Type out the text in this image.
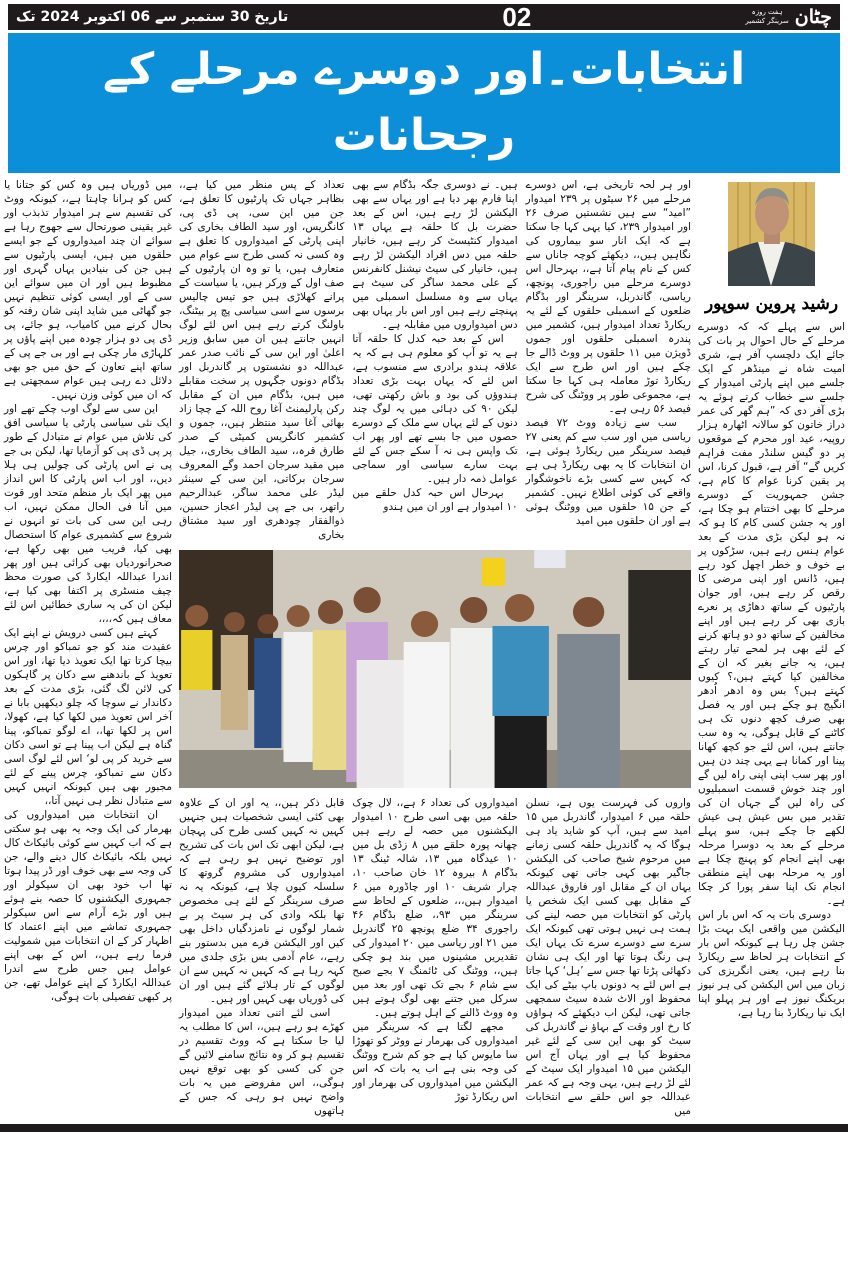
تاریخ 30 ستمبر سے 06 اکتوبر 2024 تک	02	چٹان
ہفت روزہ
سرینگر کشمیر
انتخابات۔اور دوسرے مرحلے کے رجحانات
رشید پروین سوپور

اس سے پہلے کہ کہ دوسرے مرحلے کے حال احوال پر بات کی جائے ایک دلچسپ آفر ہے، شری امیت شاہ نے مینڈھر کے ایک جلسے میں اپنے پارٹی امیدوار کے جلسے سے خطاب کرتے ہوئے یہ بڑی آفر دی کہ ”ہم گھر کی عمر دراز خاتون کو سالانہ اٹھارہ ہزار روپیہ، عید اور محرم کے موقعوں پر دو گیس سلنڈر مفت فراہم کریں گے“ آفر ہے، قبول کرنا، اس پر یقین کرنا عوام کا کام ہے، جشن جمہوریت کے دوسرے مرحلے کا بھی اختتام ہو چکا ہے، اور یہ جشن کسی کام کا ہو کہ نہ ہو لیکن بڑی مدت کے بعد عوام ہنس رہے ہیں، سڑکوں پر بے خوف و خطر اچھل کود رہے ہیں، ڈانس اور اپنی مرضی کا رقص کر رہے ہیں، اور جوان پارٹیوں کے ساتھ دھاڑی پر نعرے بازی بھی کر رہے ہیں اور اپنے مخالفین کے ساتھ دو دو ہاتھ کرنے کے لئے بھی ہر لمحے تیار رہتے ہیں، یہ جانے بغیر کہ ان کے مخالفین کیا کہتے ہیں،؟ کیوں کہتے ہیں؟ بس وہ ادھر اُدھر انگیج ہو چکے ہیں اور یہ فصل بھی صرف کچھ دنوں تک ہی کاٹنے کے قابل ہوگی، یہ وہ سب جانتے ہیں، اس لئے جو کچھ کھانا پینا اور کمانا ہے یہی چند دن ہیں اور پھر سب اپنی اپنی راہ لیں گے اور چند خوش قسمت اسمبلیوں کی راہ لیں گے جہاں ان کی تقدیر میں بس عیش ہی عیش لکھے جا چکے ہیں، سو پہلے مرحلے کے بعد یہ دوسرا مرحلہ بھی اپنے انجام کو پہنچ چکا ہے اور یہ مرحلہ بھی اپنے منطقی انجام تک اپنا سفر پورا کر چکا ہے۔

دوسری بات یہ کہ اس بار اس الیکشن میں واقعی ایک بہت بڑا جشن چل رہا ہے کیونکہ اس بار کے انتخابات ہر لحاظ سے ریکارڈ بنا رہے ہیں، یعنی انگریزی کی زبان میں اس الیکشن کی ہر نیوز بریکنگ نیوز ہے اور ہر پہلو اپنا ایک نیا ریکارڈ بنا رہا ہے،

اور ہر لحہ تاریخی ہے، اس دوسرے مرحلے میں ۲۶ سیٹوں پر ۲۳۹ امیدوار ”امید“ سے ہیں نشستیں صرف ۲۶ اور امیدوار ۲۳۹، کیا یہی کہا جا سکتا ہے کہ ایک انار سو بیماروں کی نگاہیں ہیں،، دیکھئے کوچہ جاناں سے کس کے نام پیام آتا ہے،، بہرحال اس دوسرے مرحلے میں راجوری، پونچھ، ریاسی، گاندربل، سرینگر اور بڈگام ضلعوں کے اسمبلی حلقوں کے لئے یہ ریکارڈ تعداد امیدوار ہیں، کشمیر میں پندرہ اسمبلی حلقوں اور جموں ڈویژن میں ۱۱ حلقوں پر ووٹ ڈالے جا چکے ہیں اور اس طرح سے ایک ریکارڈ توڑ معاملہ ہی کہا جا سکتا ہے، مجموعی طور پر ووٹنگ کی شرح فیصد ۵۶ رہی ہے۔

سب سے زیادہ ووٹ ۷۲ فیصد ریاسی میں اور سب سے کم یعنی ۲۷ فیصد سرینگر میں ریکارڈ ہوئی ہے، ان انتخابات کا یہ بھی ریکارڈ ہی ہے کہ کہیں سے کسی بڑے ناخوشگوار واقعے کی کوئی اطلاع نہیں۔ کشمیر کے جن ۱۵ حلقوں میں ووٹنگ ہوئی ہے اور ان حلقوں میں امید

ہیں۔ نے دوسری جگہ بڈگام سے بھی اپنا فارم بھر دیا ہے اور یہاں سے بھی الیکشن لڑ رہے ہیں، اس کے بعد حضرت بل کا حلقہ ہے یہاں ۱۳ امیدوار کنٹیسٹ کر رہے ہیں، خانیار حلقہ میں دس افراد الیکشن لڑ رہے ہیں، خانیار کی سیٹ نیشنل کانفرنس کے علی محمد ساگر کی سیٹ ہے یہاں سے وہ مسلسل اسمبلی میں پہنچتے رہے ہیں اور اس بار یہاں بھی دس امیدواروں میں مقابلہ ہے۔

اس کے بعد حبہ کدل کا حلقہ آتا ہے یہ تو آپ کو معلوم ہی ہے کہ یہ علاقہ ہندو برادری سے منسوب ہے، اس لئے کہ یہاں بہت بڑی تعداد ہندوؤں کی بود و باش رکھتی تھی، لیکن ۹۰ کی دہائی میں یہ لوگ چند دنوں کے لئے یہاں سے ملک کے دوسرے حصوں میں جا بسے تھے اور پھر اب تک واپس ہی نہ آ سکے جس کے لئے بہت سارے سیاسی اور سماجی عوامل ذمہ دار ہیں۔

بہرحال اس حبہ کدل حلقے میں ۱۰ امیدوار ہے اور ان میں ہندو

تعداد کے پس منظر میں کیا ہے،، بظاہر جہاں تک پارٹیوں کا تعلق ہے، جن میں این سی، پی ڈی پی، کانگریس، اور سید الطاف بخاری کی اپنی پارٹی کے امیدواروں کا تعلق ہے وہ کسی نہ کسی طرح سے عوام میں متعارف ہیں، یا تو وہ ان پارٹیوں کے صف اول کے ورکر ہیں، یا سیاست کے پرانے کھلاڑی ہیں جو تیس چالیس برسوں سے اسی سیاسی پچ پر بیٹنگ، باولنگ کرتے رہے ہیں اس لئے لوگ انہیں جانتے ہیں ان میں سابق وزیر اعلیٰ اور این سی کے نائب صدر عمر عبداللہ دو نشستوں پر گاندربل اور بڈگام دونوں جگہوں پر سخت مقابلے میں ہیں، بڈگام میں ان کے مقابل رکن پارلیمنٹ آغا روح اللہ کے چچا زاد بھائی آغا سید منتظر ہیں،، جموں و کشمیر کانگریس کمیٹی کے صدر طارق قرہ،، سید الطاف بخاری،، جیل میں مقید سرجان احمد وگے المعروف سرجان برکاتی، این سی کے سینئر لیڈر علی محمد ساگر، عبدالرحیم راتھر، بی جے پی لیڈر اعجاز حسین، ذوالفقار چودھری اور سید مشتاق بخاری

واروں کی فہرست یوں ہے، نسلن حلقہ میں ۶ امیدوار، گاندربل میں ۱۵ امید سے ہیں، آپ کو شاید یاد ہی ہوگا کہ یہ گاندربل حلقہ کسی زمانے میں مرحوم شیخ صاحب کی الیکشن جاگیر بھی کہی جاتی تھی کیونکہ یہاں ان کے مقابل اور فاروق عبداللہ کے مقابل بھی کسی ایک شخص یا پارٹی کو انتخابات میں حصہ لینے کی ہمت ہی نہیں ہوتی تھی کیونکہ ایک سرے سے دوسرے سرے تک یہاں ایک ہی رنگ ہوتا تھا اور ایک ہی نشان دکھائی پڑتا تھا جس سے ’ہل‘ کہا جاتا ہے اس لئے یہ دونوں باپ بیٹے کی ایک محفوظ اور الاٹ شدہ سیٹ سمجھی جاتی تھی، لیکن اب دیکھئے کہ ہواؤں کا رخ اور وقت کے بہاؤ نے گاندربل کی سیٹ کو بھی این سی کے لئے غیر محفوظ کیا ہے اور یہاں آج اس الیکشن میں ۱۵ امیدوار ایک سیٹ کے لئے لڑ رہے ہیں، یہی وجہ ہے کہ عمر عبداللہ جو اس حلقے سے انتخابات میں

امیدواروں کی تعداد ۶ ہے،، لال چوک حلقہ میں بھی اسی طرح ۱۰ امیدوار الیکشنوں میں حصہ لے رہے ہیں چھانہ پورہ حلقے میں ۸ زڈی بل میں ۱۰ عیدگاہ میں ۱۳، شالہ ٹینگ ۱۳ بڈگام ۸ بیروہ ۱۲ خان صاحب ۱۰، چرار شریف ۱۰ اور چاڈورہ میں ۶ امیدوار ہیں،،، ضلعوں کے لحاظ سے سرینگر میں ۹۳،، ضلع بڈگام ۴۶ راجوری ۳۴ ضلع پونچھ ۲۵ گاندربل میں ۲۱ اور ریاسی میں ۲۰ امیدوار کی تقدیریں مشینوں میں بند ہو چکی ہیں،، ووٹنگ کی ٹائمنگ ۷ بجے صبح سے شام ۶ بجے تک تھی اور بعد میں سرکل میں جتنے بھی لوگ ہوتے ہیں وہ ووٹ ڈالنے کے اہل ہوتے ہیں۔

مجھے لگتا ہے کہ سرینگر میں امیدواروں کی بھرمار نے ووٹر کو تھوڑا سا مایوس کیا ہے جو کم شرح ووٹنگ کی وجہ بنی ہے اب یہ بات کہ اس الیکشن میں امیدواروں کی بھرمار اور اس ریکارڈ توڑ

قابل ذکر ہیں،، یہ اور ان کے علاوہ بھی کئی ایسی شخصیات ہیں جنہیں کہیں نہ کہیں کسی طرح کی پہچان ہے، لیکن ابھی تک اس بات کی تشریح اور توضیح نہیں ہو رہی ہے کہ امیدواروں کی مشروم گروتھ کا سلسلہ کیوں چلا ہے، کیونکہ یہ نہ صرف سرینگر کے لئے ہی مخصوص تھا بلکہ وادی کی ہر سیٹ پر بے شمار لوگوں نے نامزدگیاں داخل بھی کیں اور الیکشن فرے میں بدستور بنے رہے،، عام آدمی بس بڑی جلدی میں کہہ رہا ہے کہ کہیں نہ کہیں سے ان لوگوں کے تار ہلائے گئے ہیں اور ان کی ڈوریاں بھی کہیں اور ہیں۔

اسی لئے اتنی تعداد میں امیدوار کھڑے ہو رہے ہیں،، اس کا مطلب یہ لیا جا سکتا ہے کہ ووٹ تقسیم در تقسیم ہو کر وہ نتائج سامنے لائیں گے جن کی کسی کو بھی توقع نہیں ہوگی،، اس مفروضے میں یہ بات واضح نہیں ہو رہی کہ جس کے ہاتھوں

میں ڈوریاں ہیں وہ کس کو جتانا یا کس کو ہرانا چاہتا ہے،، کیونکہ ووٹ کی تقسیم سے ہر امیدوار تذبذب اور غیر یقینی صورتحال سے جھوج رہا ہے سوائے ان چند امیدواروں کے جو ایسے حلقوں میں ہیں، ایسی پارٹیوں سے ہیں جن کی بنیادیں یہاں گہری اور مظبوط ہیں اور ان میں سوائے این سی کے اور ایسی کوئی تنظیم نہیں جو گھاٹی میں شاید اپنی شان رفتہ کو بحال کرنے میں کامیاب، ہو جائے، پی ڈی پی دو ہزار چودہ میں اپنے پاؤں پر کلہاڑی مار چکی ہے اور بی جے پی کے ساتھ اپنے تعاون کے حق میں جو بھی دلائل دے رہی ہیں عوام سمجھتی ہے کہ ان میں کوئی وزن نہیں۔

این سی سے لوگ اوب چکے تھے اور ایک نئی سیاسی پارٹی یا سیاسی افق کی تلاش میں عوام نے متبادل کے طور پر پی ڈی پی کو آزمایا تھا، لیکن بی جے پی نے اس پارٹی کی چولیں ہی ہلا دیں،، اور اب اس پارٹی کا اس انداز میں پھر ایک بار منظم متحد اور قوت میں آنا فی الحال ممکن نہیں، اب رہی این سی کی بات تو انہوں نے شروع سے کشمیری عوام کا استحصال بھی کیا، فریب میں بھی رکھا ہے، صحرانوردیاں بھی کرائی ہیں اور پھر اندرا عبداللہ ایکارڈ کی صورت محظ چیف منسٹری پر اکتفا بھی کیا ہے، لیکن ان کی یہ ساری خطائیں اس لئے معاف ہیں کہ،،،،

کہتے ہیں کسی درویش نے اپنے ایک عقیدت مند کو جو تمباکو اور چرس بیچا کرتا تھا ایک تعویذ دیا تھا، اور اس تعویذ کے باندھنے سے دکان پر گاہکوں کی لائن لگ گئی، بڑی مدت کے بعد دکاندار نے سوچا کہ چلو دیکھیں بابا نے آخر اس تعویذ میں لکھا کیا ہے، کھولا، اس پر لکھا تھا،، اے لوگو تمباکو، پینا گناہ ہے لیکن اب پینا ہے تو اسی دکان سے خرید کر پی لو‘ اس لئے لوگ اسی دکان سے تمباکو، چرس پینے کے لئے مجبور بھی ہیں کیونکہ انہیں کہیں سے متبادل نظر ہی نہیں آتا،،

ان انتخابات میں امیدواروں کی بھرمار کی ایک وجہ یہ بھی ہو سکتی ہے کہ اب کہیں سے کوئی بائیکاٹ کال نہیں بلکہ بائیکاٹ کال دینے والے، جن کی وجہ سے بھی خوف اور ڈر پیدا ہوتا تھا اب خود بھی ان سیکولر اور جمہوری الیکشنوں کا حصہ بنے ہوئے ہیں اور بڑے آرام سے اس سیکولر جمہوری تماشے میں اپنے اعتماد کا اظہار کر کے ان انتخابات میں شمولیت فرما رہے ہیں،، اس کے بھی اپنے عوامل ہیں جس طرح سے اندرا عبداللہ ایکارڈ کے اپنے عوامل تھے، جن پر کبھی تفصیلی بات ہوگی،
